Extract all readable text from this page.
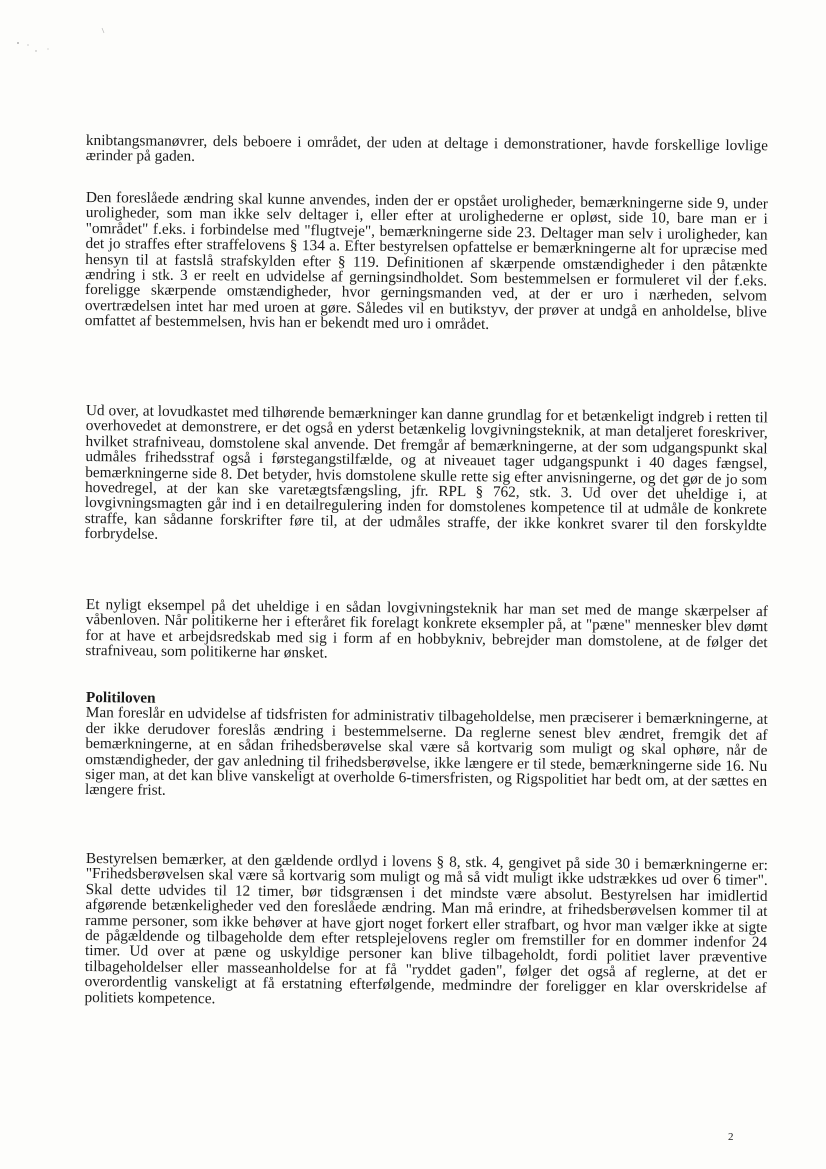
knibtangsmanøvrer, dels beboere i området, der uden at deltage i demonstrationer, havde forskellige lovlige ærinder på gaden.

Den foreslåede ændring skal kunne anvendes, inden der er opstået uroligheder, bemærkningerne side 9, under uroligheder, som man ikke selv deltager i, eller efter at urolighederne er opløst, side 10, bare man er i "området" f.eks. i forbindelse med "flugtveje", bemærkningerne side 23. Deltager man selv i uroligheder, kan det jo straffes efter straffelovens § 134 a. Efter bestyrelsen opfattelse er bemærkningerne alt for upræcise med hensyn til at fastslå strafskylden efter § 119. Definitionen af skærpende omstændigheder i den påtænkte ændring i stk. 3 er reelt en udvidelse af gerningsindholdet. Som bestemmelsen er formuleret vil der f.eks. foreligge skærpende omstændigheder, hvor gerningsmanden ved, at der er uro i nærheden, selvom overtrædelsen intet har med uroen at gøre. Således vil en butikstyv, der prøver at undgå en anholdelse, blive omfattet af bestemmelsen, hvis han er bekendt med uro i området.

Ud over, at lovudkastet med tilhørende bemærkninger kan danne grundlag for et betænkeligt indgreb i retten til overhovedet at demonstrere, er det også en yderst betænkelig lovgivningsteknik, at man detaljeret foreskriver, hvilket strafniveau, domstolene skal anvende. Det fremgår af bemærkningerne, at der som udgangspunkt skal udmåles frihedsstraf også i førstegangstilfælde, og at niveauet tager udgangspunkt i 40 dages fængsel, bemærkningerne side 8. Det betyder, hvis domstolene skulle rette sig efter anvisningerne, og det gør de jo som hovedregel, at der kan ske varetægtsfængsling, jfr. RPL § 762, stk. 3. Ud over det uheldige i, at lovgivningsmagten går ind i en detailregulering inden for domstolenes kompetence til at udmåle de konkrete straffe, kan sådanne forskrifter føre til, at der udmåles straffe, der ikke konkret svarer til den forskyldte forbrydelse.

Et nyligt eksempel på det uheldige i en sådan lovgivningsteknik har man set med de mange skærpelser af våbenloven. Når politikerne her i efteråret fik forelagt konkrete eksempler på, at "pæne" mennesker blev dømt for at have et arbejdsredskab med sig i form af en hobbykniv, bebrejder man domstolene, at de følger det strafniveau, som politikerne har ønsket.

Politiloven

Man foreslår en udvidelse af tidsfristen for administrativ tilbageholdelse, men præciserer i bemærkningerne, at der ikke derudover foreslås ændring i bestemmelserne. Da reglerne senest blev ændret, fremgik det af bemærkningerne, at en sådan frihedsberøvelse skal være så kortvarig som muligt og skal ophøre, når de omstændigheder, der gav anledning til frihedsberøvelse, ikke længere er til stede, bemærkningerne side 16. Nu siger man, at det kan blive vanskeligt at overholde 6-timersfristen, og Rigspolitiet har bedt om, at der sættes en længere frist.

Bestyrelsen bemærker, at den gældende ordlyd i lovens § 8, stk. 4, gengivet på side 30 i bemærkningerne er: "Frihedsberøvelsen skal være så kortvarig som muligt og må så vidt muligt ikke udstrækkes ud over 6 timer". Skal dette udvides til 12 timer, bør tidsgrænsen i det mindste være absolut. Bestyrelsen har imidlertid afgørende betænkeligheder ved den foreslåede ændring. Man må erindre, at frihedsberøvelsen kommer til at ramme personer, som ikke behøver at have gjort noget forkert eller strafbart, og hvor man vælger ikke at sigte de pågældende og tilbageholde dem efter retsplejelovens regler om fremstiller for en dommer indenfor 24 timer. Ud over at pæne og uskyldige personer kan blive tilbageholdt, fordi politiet laver præventive tilbageholdelser eller masseanholdelse for at få "ryddet gaden", følger det også af reglerne, at det er overordentlig vanskeligt at få erstatning efterfølgende, medmindre der foreligger en klar overskridelse af politiets kompetence.

2
